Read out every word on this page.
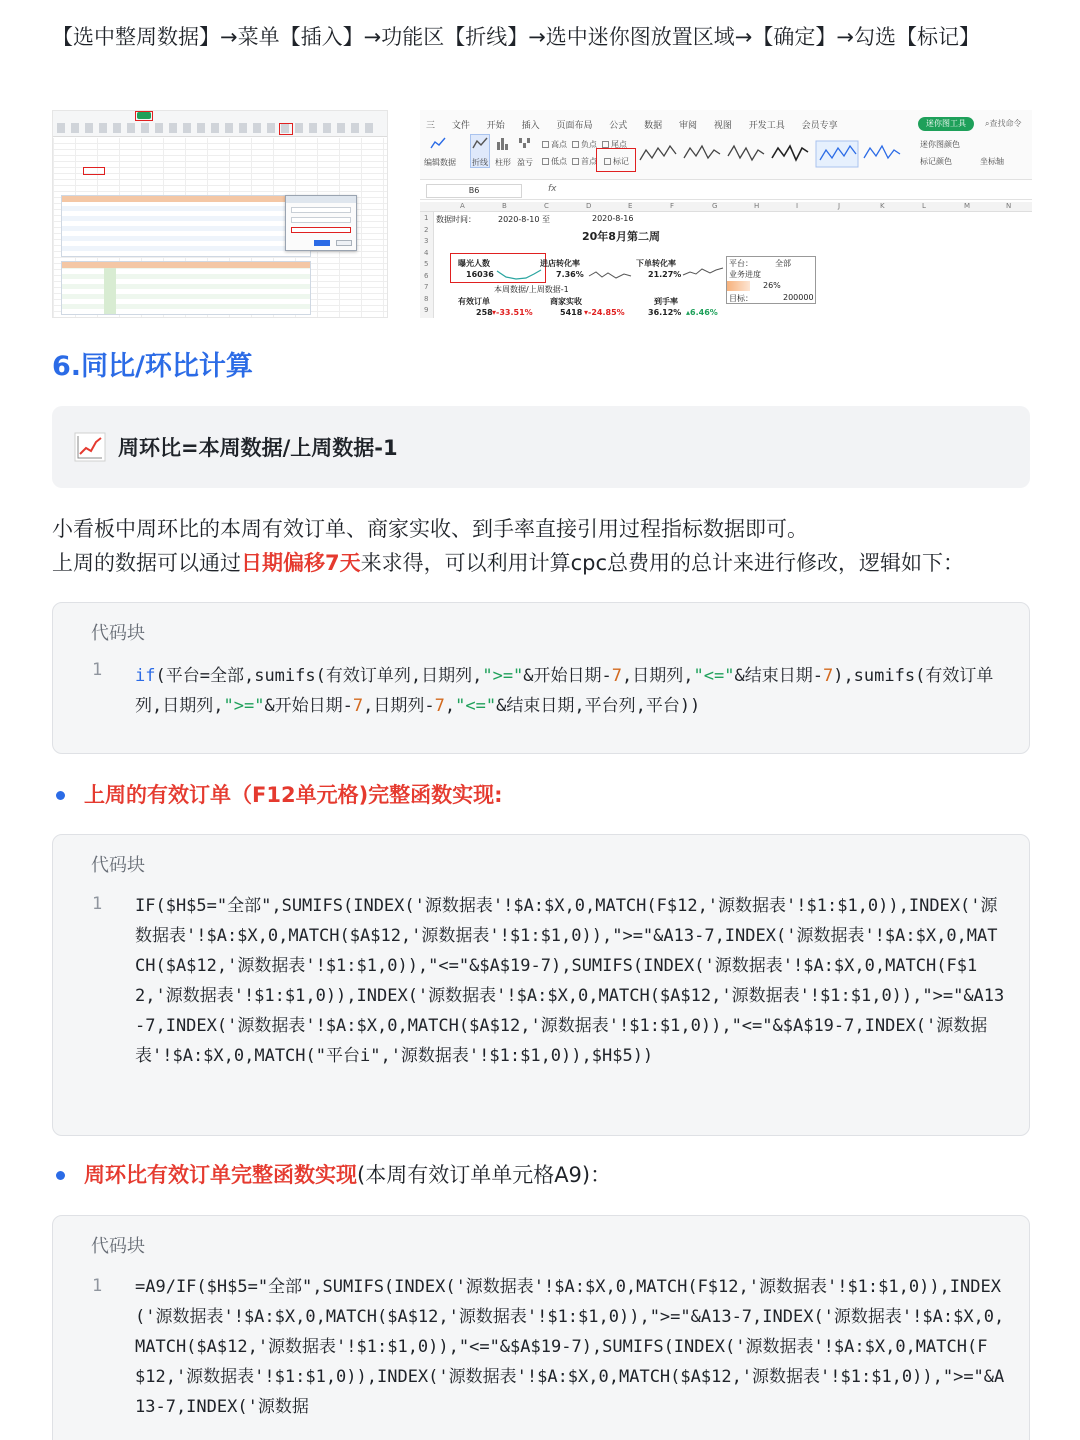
【选中整周数据】→菜单【插入】→功能区【折线】→选中迷你图放置区域→【确定】→勾选【标记】
三 文件 开始 插入 页面布局 公式 数据 审阅 视图 开发工具 会员专享	迷你图工具	⌕查找命令
编辑数据 折线 柱形 盈亏
高点	负点	尾点
低点	首点	标记
迷你图颜色
标记颜色	坐标轴
B6	fx
A	B	C	D	E	F	G	H	I	J	K	L	M	N
1
2
3
4
5
6
7
8
9
数据时间：	2020-8-10 至	2020-8-16
20年8月第二周
曝光人数
16036
进店转化率
7.36%
下单转化率
21.27%
平台：	全部
业务进度
26%
目标：	200000
本周数据/上周数据-1
有效订单
258 ▾-33.51%
商家实收
5418 ▾-24.85%
到手率
36.12% ▴6.46%
6.同比/环比计算
周环比=本周数据/上周数据-1
小看板中周环比的本周有效订单、商家实收、到手率直接引用过程指标数据即可。
上周的数据可以通过日期偏移7天来求得，可以利用计算cpc总费用的总计来进行修改，逻辑如下：
代码块
1 if(平台=全部,sumifs(有效订单列,日期列,">="&开始日期-7,日期列,"<="&结束日期-7),sumifs(有效订单列,日期列,">="&开始日期-7,日期列-7,"<="&结束日期,平台列,平台))
上周的有效订单（F12单元格)完整函数实现:
代码块
1 IF($H$5="全部",SUMIFS(INDEX('源数据表'!$A:$X,0,MATCH(F$12,'源数据表'!$1:$1,0)),INDEX('源数据表'!$A:$X,0,MATCH($A$12,'源数据表'!$1:$1,0)),">="&A13-7,INDEX('源数据表'!$A:$X,0,MATCH($A$12,'源数据表'!$1:$1,0)),"<="&$A$19-7),SUMIFS(INDEX('源数据表'!$A:$X,0,MATCH(F$12,'源数据表'!$1:$1,0)),INDEX('源数据表'!$A:$X,0,MATCH($A$12,'源数据表'!$1:$1,0)),">="&A13-7,INDEX('源数据表'!$A:$X,0,MATCH($A$12,'源数据表'!$1:$1,0)),"<="&$A$19-7,INDEX('源数据表'!$A:$X,0,MATCH("平台i",'源数据表'!$1:$1,0)),$H$5))
周环比有效订单完整函数实现(本周有效订单单元格A9)：
代码块
1 =A9/IF($H$5="全部",SUMIFS(INDEX('源数据表'!$A:$X,0,MATCH(F$12,'源数据表'!$1:$1,0)),INDEX('源数据表'!$A:$X,0,MATCH($A$12,'源数据表'!$1:$1,0)),">="&A13-7,INDEX('源数据表'!$A:$X,0,MATCH($A$12,'源数据表'!$1:$1,0)),"<="&$A$19-7),SUMIFS(INDEX('源数据表'!$A:$X,0,MATCH(F$12,'源数据表'!$1:$1,0)),INDEX('源数据表'!$A:$X,0,MATCH($A$12,'源数据表'!$1:$1,0)),">="&A13-7,INDEX('源数据
